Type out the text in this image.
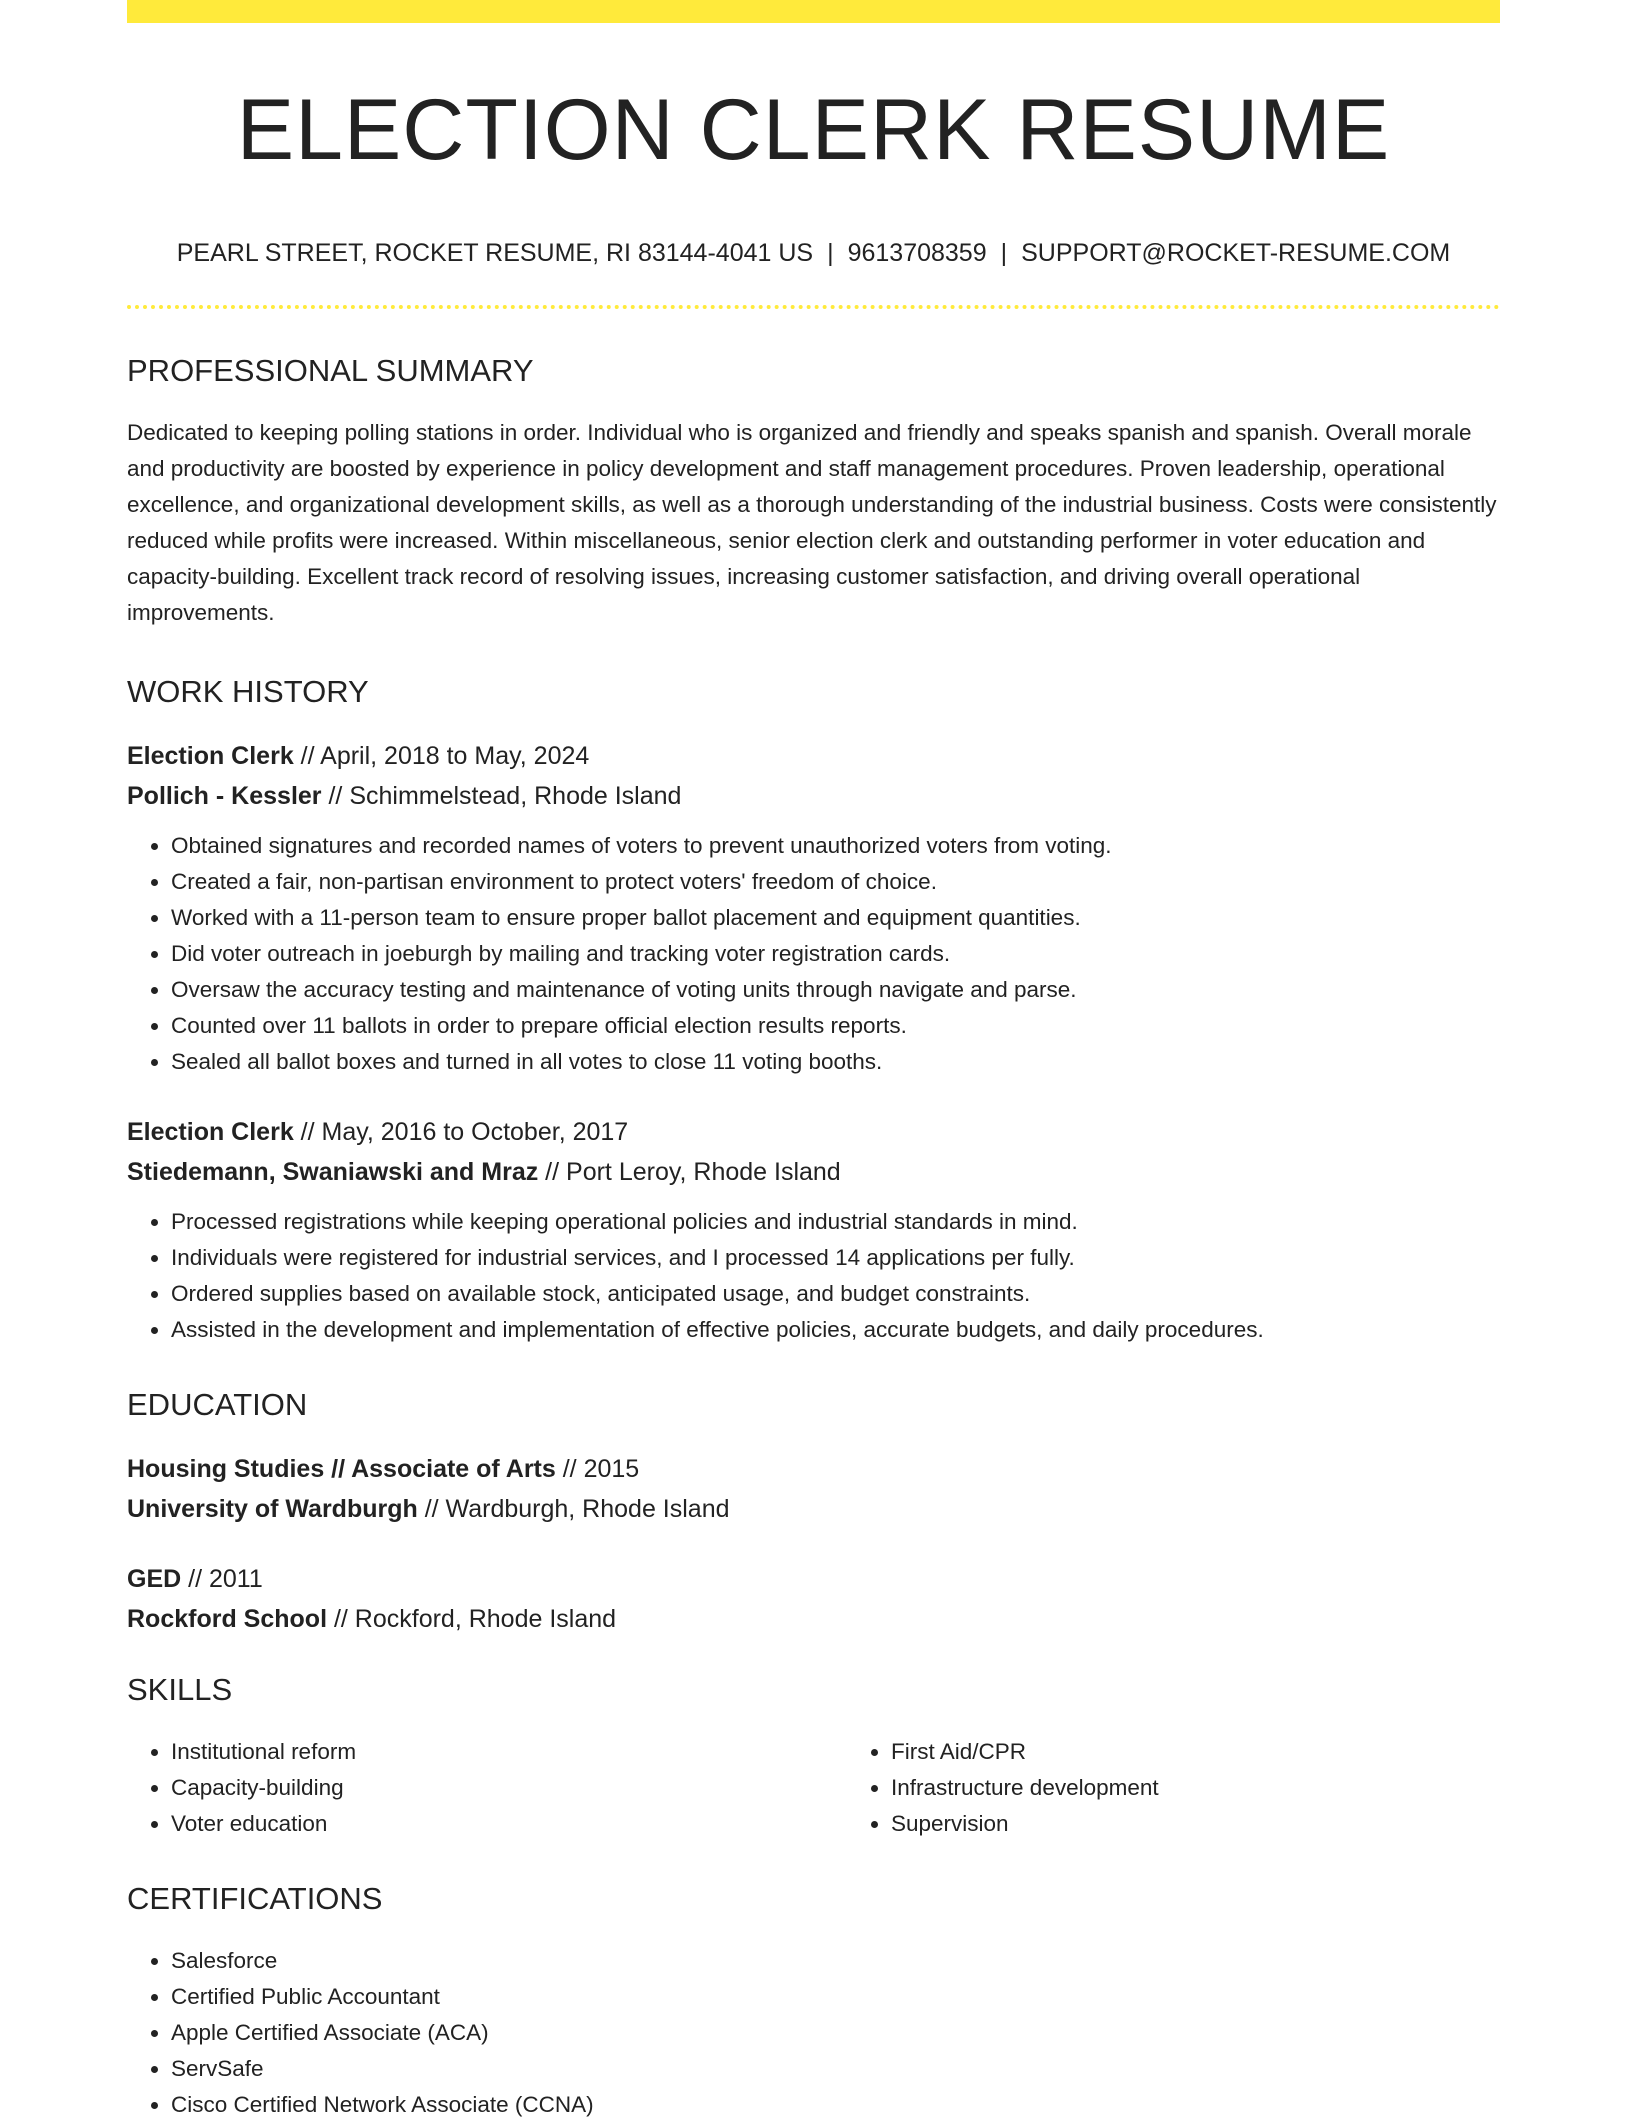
ELECTION CLERK RESUME
PEARL STREET, ROCKET RESUME, RI 83144-4041 US | 9613708359 | SUPPORT@ROCKET-RESUME.COM
PROFESSIONAL SUMMARY

Dedicated to keeping polling stations in order. Individual who is organized and friendly and speaks spanish and spanish. Overall morale and productivity are boosted by experience in policy development and staff management procedures. Proven leadership, operational excellence, and organizational development skills, as well as a thorough understanding of the industrial business. Costs were consistently reduced while profits were increased. Within miscellaneous, senior election clerk and outstanding performer in voter education and capacity-building. Excellent track record of resolving issues, increasing customer satisfaction, and driving overall operational improvements.

WORK HISTORY

Election Clerk // April, 2018 to May, 2024

Pollich - Kessler // Schimmelstead, Rhode Island

• Obtained signatures and recorded names of voters to prevent unauthorized voters from voting.
• Created a fair, non-partisan environment to protect voters' freedom of choice.
• Worked with a 11-person team to ensure proper ballot placement and equipment quantities.
• Did voter outreach in joeburgh by mailing and tracking voter registration cards.
• Oversaw the accuracy testing and maintenance of voting units through navigate and parse.
• Counted over 11 ballots in order to prepare official election results reports.
• Sealed all ballot boxes and turned in all votes to close 11 voting booths.

Election Clerk // May, 2016 to October, 2017

Stiedemann, Swaniawski and Mraz // Port Leroy, Rhode Island

• Processed registrations while keeping operational policies and industrial standards in mind.
• Individuals were registered for industrial services, and I processed 14 applications per fully.
• Ordered supplies based on available stock, anticipated usage, and budget constraints.
• Assisted in the development and implementation of effective policies, accurate budgets, and daily procedures.
EDUCATION

Housing Studies // Associate of Arts // 2015

University of Wardburgh // Wardburgh, Rhode Island

GED // 2011

Rockford School // Rockford, Rhode Island

SKILLS
• Institutional reform
• Capacity-building
• Voter education
• First Aid/CPR
• Infrastructure development
• Supervision
CERTIFICATIONS
• Salesforce
• Certified Public Accountant
• Apple Certified Associate (ACA)
• ServSafe
• Cisco Certified Network Associate (CCNA)
